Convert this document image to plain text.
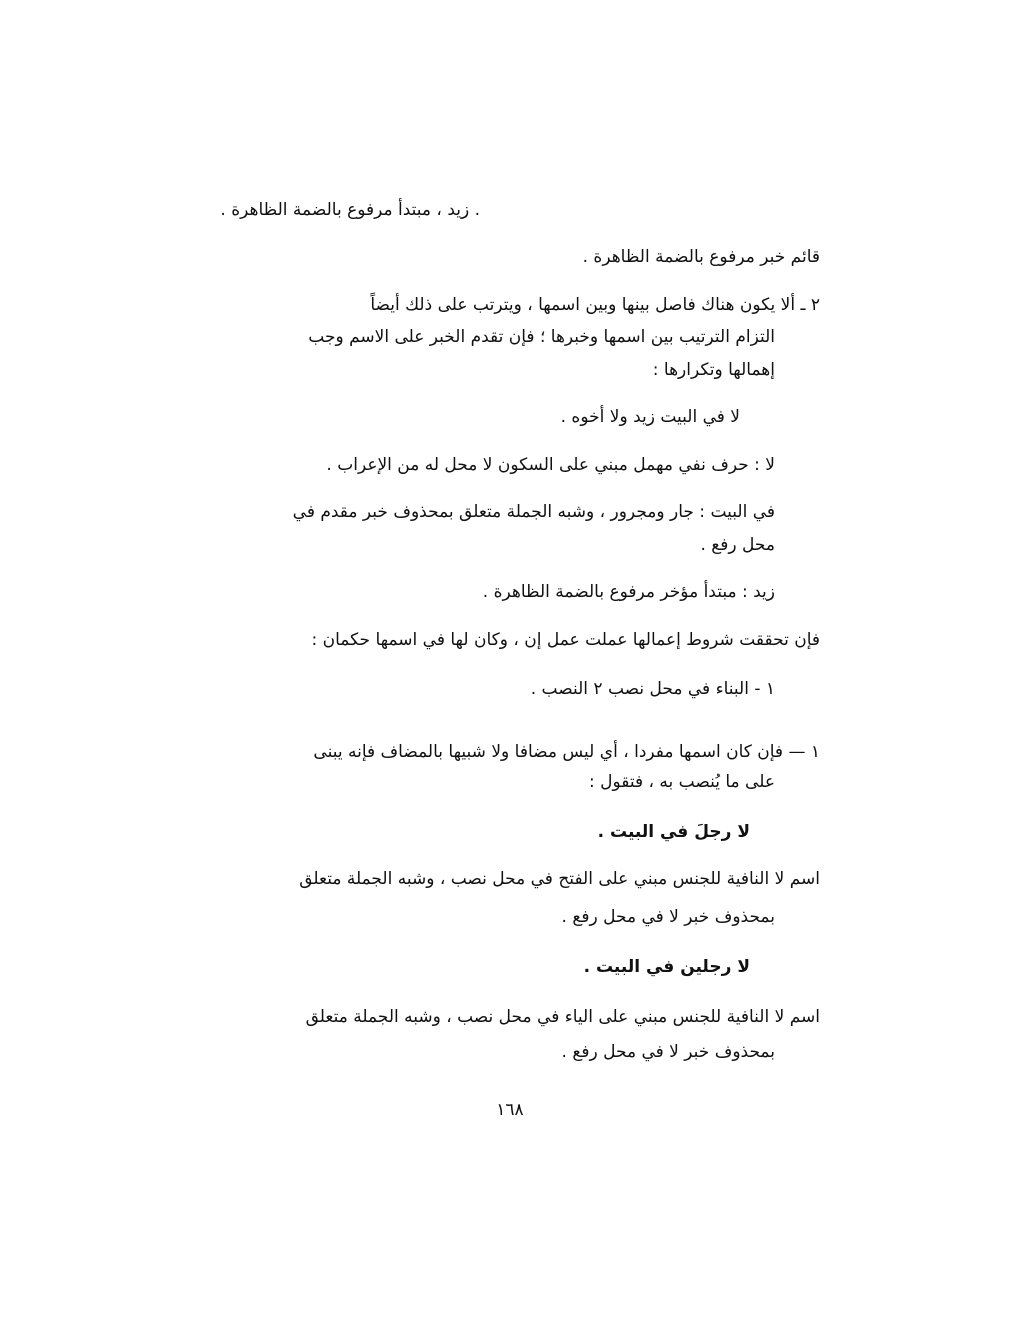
. زيد ، مبتدأ مرفوع بالضمة الظاهرة .
قائم خبر مرفوع بالضمة الظاهرة .
٢ ـ ألا يكون هناك فاصل بينها وبين اسمها ، ويترتب على ذلك أيضاً
التزام الترتيب بين اسمها وخبرها ؛ فإن تقدم الخبر على الاسم وجب
إهمالها وتكرارها :
لا في البيت زيد ولا أخوه .
لا : حرف نفي مهمل مبني على السكون لا محل له من الإعراب .
في البيت : جار ومجرور ، وشبه الجملة متعلق بمحذوف خبر مقدم في
محل رفع .
زيد : مبتدأ مؤخر مرفوع بالضمة الظاهرة .
فإن تحققت شروط إعمالها عملت عمل إن ، وكان لها في اسمها حكمان :
١ - البناء في محل نصب ٢ النصب .
١ — فإن كان اسمها مفردا ، أي ليس مضافا ولا شبيها بالمضاف فإنه يبنى
على ما يُنصب به ، فتقول :
لا رجلَ في البيت .
اسم لا النافية للجنس مبني على الفتح في محل نصب ، وشبه الجملة متعلق
بمحذوف خبر لا في محل رفع .
لا رجلين في البيت .
اسم لا النافية للجنس مبني على الياء في محل نصب ، وشبه الجملة متعلق
بمحذوف خبر لا في محل رفع .
١٦٨
